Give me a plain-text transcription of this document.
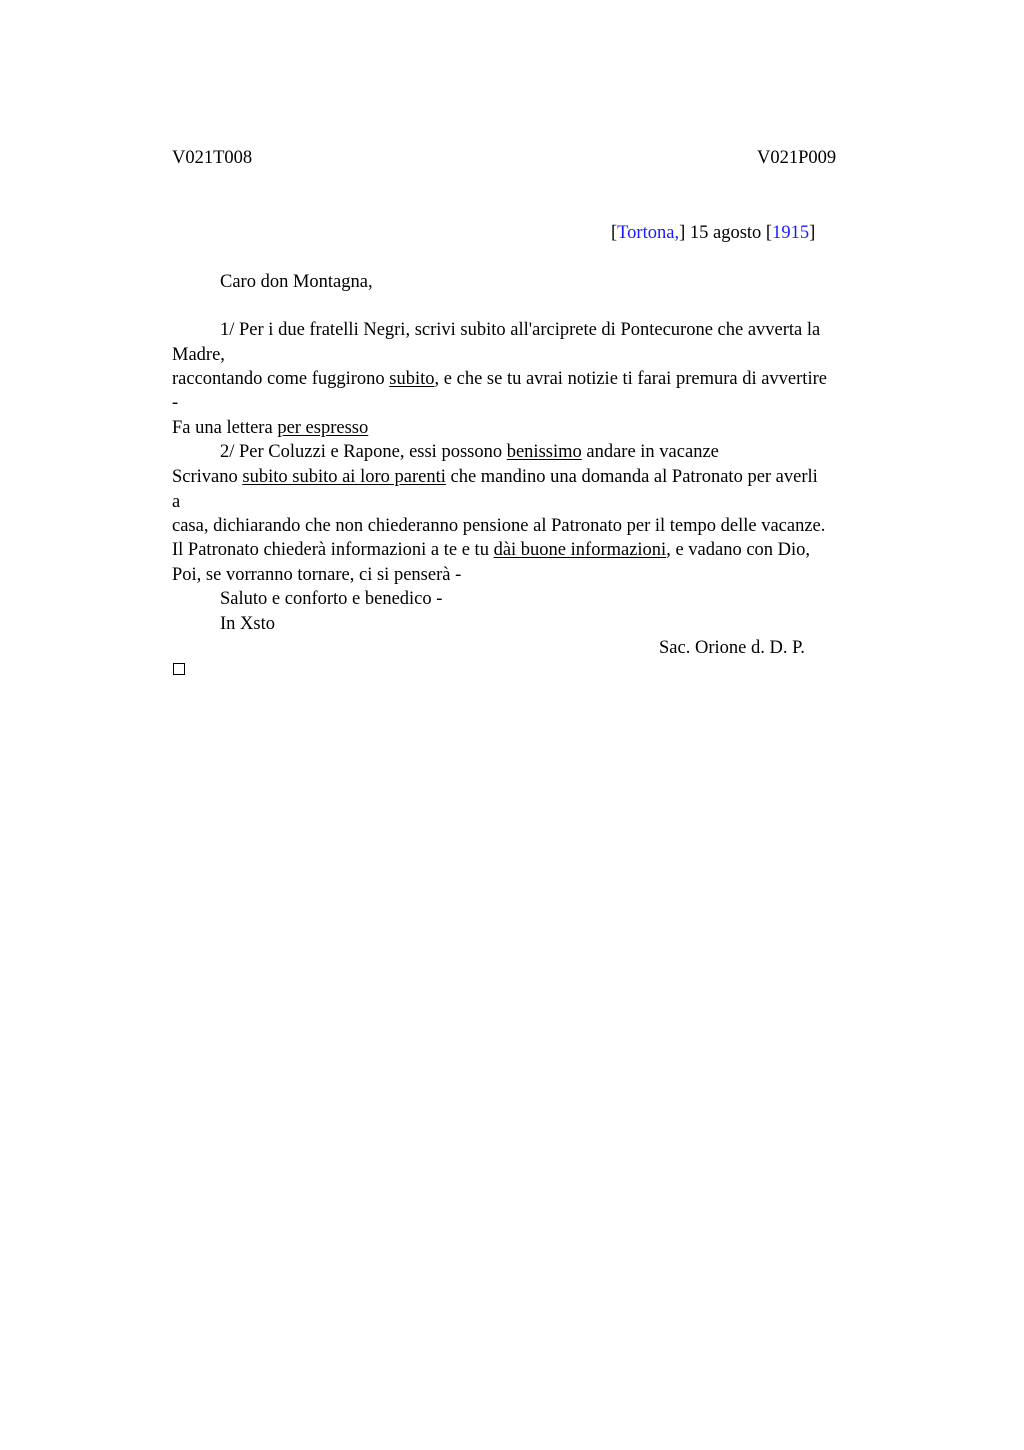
V021T008	V021P009
[Tortona,] 15 agosto [1915]
Caro don Montagna,
1/ Per i due fratelli Negri, scrivi subito all'arciprete di Pontecurone che avverta la
Madre,
raccontando come fuggirono subito, e che se tu avrai notizie ti farai premura di avvertire
-
Fa una lettera per espresso
2/ Per Coluzzi e Rapone, essi possono benissimo andare in vacanze
Scrivano subito subito ai loro parenti che mandino una domanda al Patronato per averli
a
casa, dichiarando che non chiederanno pensione al Patronato per il tempo delle vacanze.
Il Patronato chiederà informazioni a te e tu dài buone informazioni, e vadano con Dio,
Poi, se vorranno tornare, ci si penserà -
Saluto e conforto e benedico -
In Xsto
Sac. Orione d. D. P.
